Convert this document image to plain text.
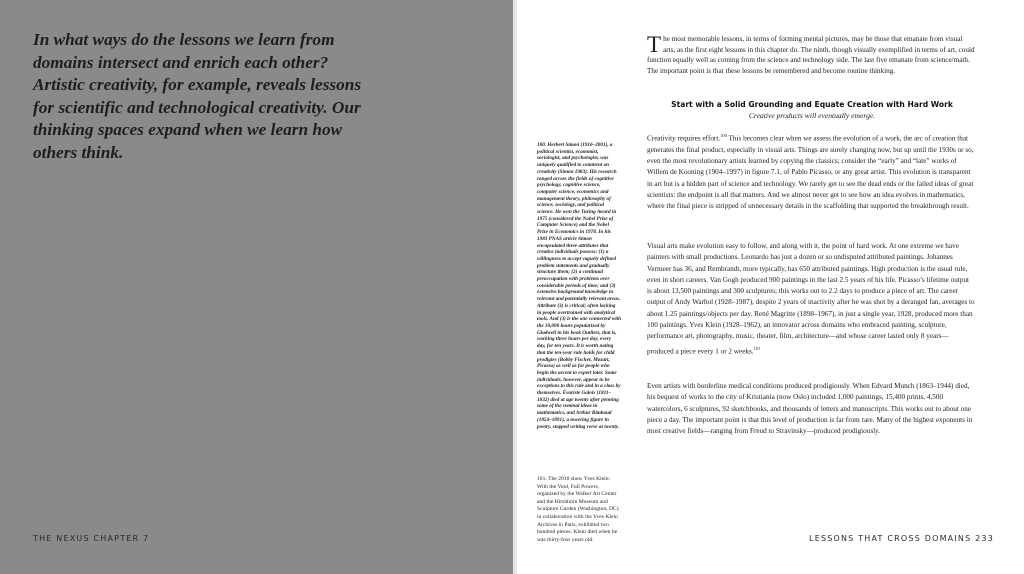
In what ways do the lessons we learn from domains intersect and enrich each other? Artistic creativity, for example, reveals lessons for scientific and technological creativity. Our thinking spaces expand when we learn how others think.

THE NEXUS CHAPTER 7

100. Herbert Simon (1916–2001), a political scientist, economist, sociologist, and psychologist, was uniquely qualified to comment on creativity (Simon 1983). His research ranged across the fields of cognitive psychology, cognitive science, computer science, economics and management theory, philosophy of science, sociology, and political science. He won the Turing Award in 1975 (considered the Nobel Prize of Computer Science) and the Nobel Prize in Economics in 1978. In his 1983 PNAS article Simon encapsulated three attributes that creative individuals possess: (1) a willingness to accept vaguely defined problem statements and gradually structure them; (2) a continual preoccupation with problems over considerable periods of time; and (3) extensive background knowledge in relevant and potentially relevant areas. Attribute (3) is critical; often lacking in people overtrained with analytical tools. And (3) is the one connected with the 10,000 hours popularized by Gladwell in his book Outliers, that is, working three hours per day, every day, for ten years. It is worth noting that the ten-year rule holds for child prodigies (Bobby Fischer, Mozart, Picasso) as well as for people who begin the ascent to expert later. Some individuals, however, appear to be exceptions to this rule and in a class by themselves. Évariste Galois (1811–1832) died at age twenty after penning some of the seminal ideas in mathematics, and Arthur Rimbaud (1854–1891), a towering figure in poetry, stopped writing verse at twenty.

101. The 2010 show Yves Klein: With the Void, Full Powers, organized by the Walker Art Center and the Hirshhorn Museum and Sculpture Garden (Washington, DC) in collaboration with the Yves Klein Archives in Paris, exhibited two hundred pieces. Klein died when he was thirty-four years old.

The most memorable lessons, in terms of forming mental pictures, may be those that emanate from visual arts, as the first eight lessons in this chapter do. The ninth, though visually exemplified in terms of art, could function equally well as coming from the science and technology side. The last five emanate from science/math. The important point is that these lessons be remembered and become routine thinking.

Start with a Solid Grounding and Equate Creation with Hard Work

Creative products will eventually emerge.

Creativity requires effort.$^{100}$ This becomes clear when we assess the evolution of a work, the arc of creation that generates the final product, especially in visual arts. Things are surely changing now, but up until the 1930s or so, even the most revolutionary artists learned by copying the classics; consider the “early” and “late” works of Willem de Kooning (1904–1997) in figure 7.1, of Pablo Picasso, or any great artist. This evolution is transparent in art but is a hidden part of science and technology. We rarely get to see the dead ends or the failed ideas of great scientists: the endpoint is all that matters. And we almost never get to see how an idea evolves in mathematics, where the final piece is stripped of unnecessary details in the scaffolding that supported the breakthrough result.

Visual arts make evolution easy to follow, and along with it, the point of hard work. At one extreme we have painters with small productions. Leonardo has just a dozen or so undisputed attributed paintings. Johannes Vermeer has 36, and Rembrandt, more typically, has 650 attributed paintings. High production is the usual rule, even in short careers. Van Gogh produced 900 paintings in the last 2.5 years of his life. Picasso’s lifetime output is about 13,500 paintings and 300 sculptures; this works out to 2.2 days to produce a piece of art. The career output of Andy Warhol (1928–1987), despite 2 years of inactivity after he was shot by a deranged fan, averages to about 1.25 paintings/objects per day. René Magritte (1898–1967), in just a single year, 1928, produced more than 100 paintings. Yves Klein (1928–1962), an innovator across domains who embraced painting, sculpture, performance art, photography, music, theater, film, architecture—and whose career lasted only 8 years—produced a piece every 1 or 2 weeks.$^{101}$

Even artists with borderline medical conditions produced prodigiously. When Edvard Munch (1863–1944) died, his bequest of works to the city of Kristiania (now Oslo) included 1,000 paintings, 15,400 prints, 4,500 watercolors, 6 sculptures, 92 sketchbooks, and thousands of letters and manuscripts. This works out to about one piece a day. The important point is that this level of production is far from rare. Many of the highest exponents in most creative fields—ranging from Freud to Stravinsky—produced prodigiously.

LESSONS THAT CROSS DOMAINS 233
